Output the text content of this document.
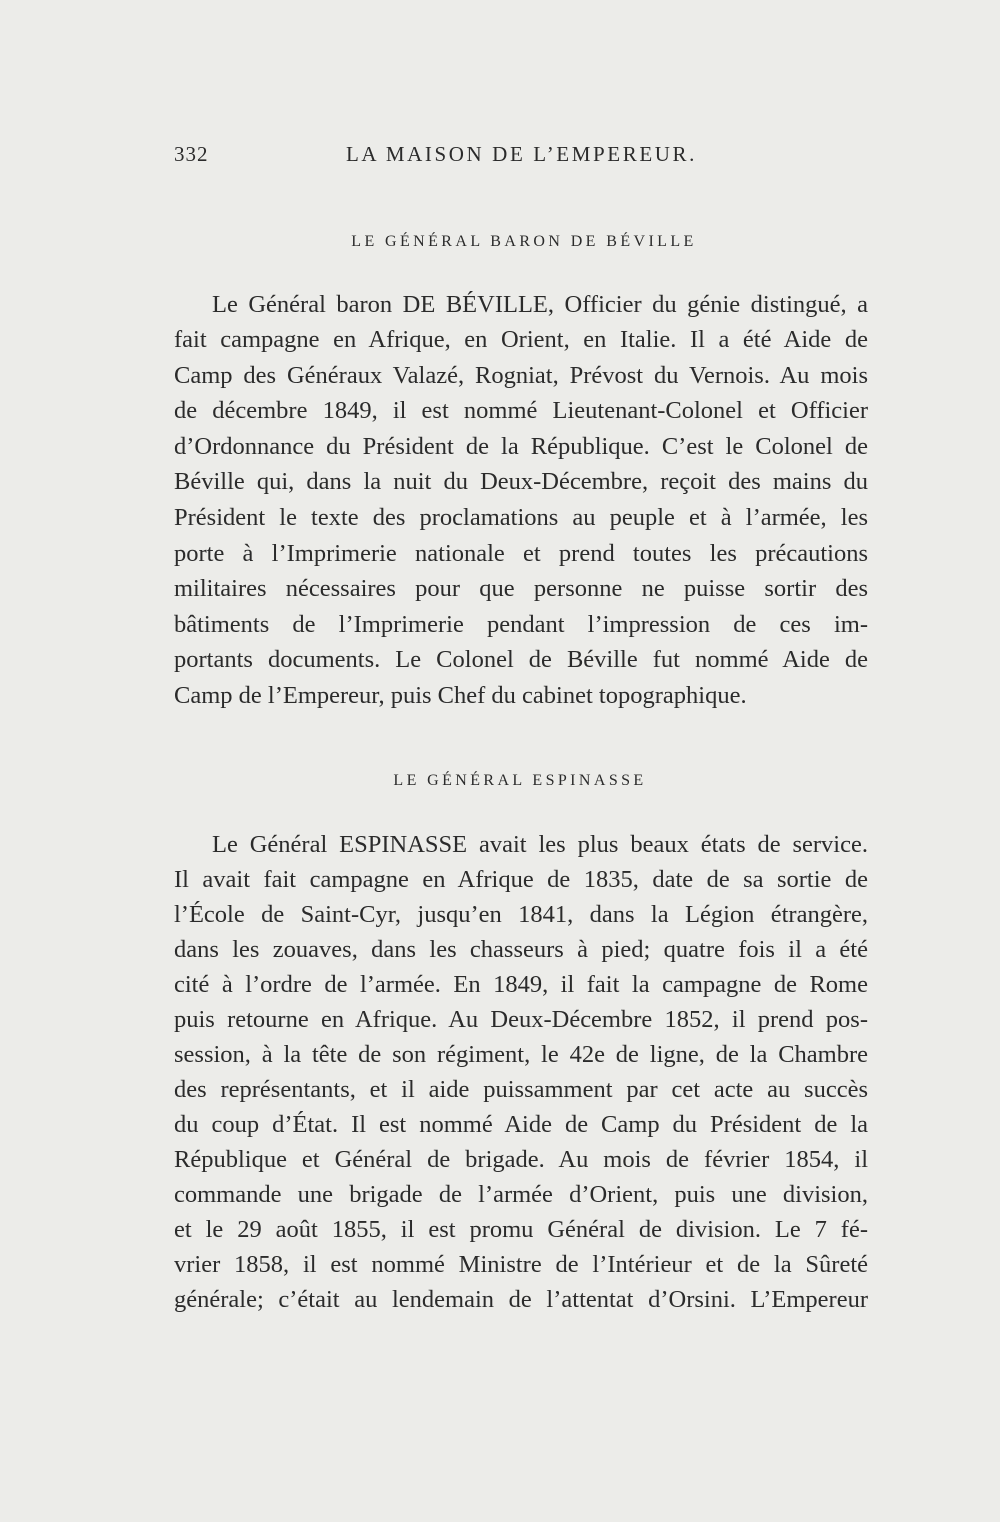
332	LA MAISON DE L’EMPEREUR.
LE GÉNÉRAL BARON DE BÉVILLE
Le Général baron DE BÉVILLE, Officier du génie distingué, a
fait campagne en Afrique, en Orient, en Italie. Il a été Aide de
Camp des Généraux Valazé, Rogniat, Prévost du Vernois. Au mois
de décembre 1849, il est nommé Lieutenant-Colonel et Officier
d’Ordonnance du Président de la République. C’est le Colonel de
Béville qui, dans la nuit du Deux-Décembre, reçoit des mains du
Président le texte des proclamations au peuple et à l’armée, les
porte à l’Imprimerie nationale et prend toutes les précautions
militaires nécessaires pour que personne ne puisse sortir des
bâtiments de l’Imprimerie pendant l’impression de ces im-
portants documents. Le Colonel de Béville fut nommé Aide de
Camp de l’Empereur, puis Chef du cabinet topographique.
LE GÉNÉRAL ESPINASSE
Le Général ESPINASSE avait les plus beaux états de service.
Il avait fait campagne en Afrique de 1835, date de sa sortie de
l’École de Saint-Cyr, jusqu’en 1841, dans la Légion étrangère,
dans les zouaves, dans les chasseurs à pied; quatre fois il a été
cité à l’ordre de l’armée. En 1849, il fait la campagne de Rome
puis retourne en Afrique. Au Deux-Décembre 1852, il prend pos-
session, à la tête de son régiment, le 42e de ligne, de la Chambre
des représentants, et il aide puissamment par cet acte au succès
du coup d’État. Il est nommé Aide de Camp du Président de la
République et Général de brigade. Au mois de février 1854, il
commande une brigade de l’armée d’Orient, puis une division,
et le 29 août 1855, il est promu Général de division. Le 7 fé-
vrier 1858, il est nommé Ministre de l’Intérieur et de la Sûreté
générale; c’était au lendemain de l’attentat d’Orsini. L’Empereur
